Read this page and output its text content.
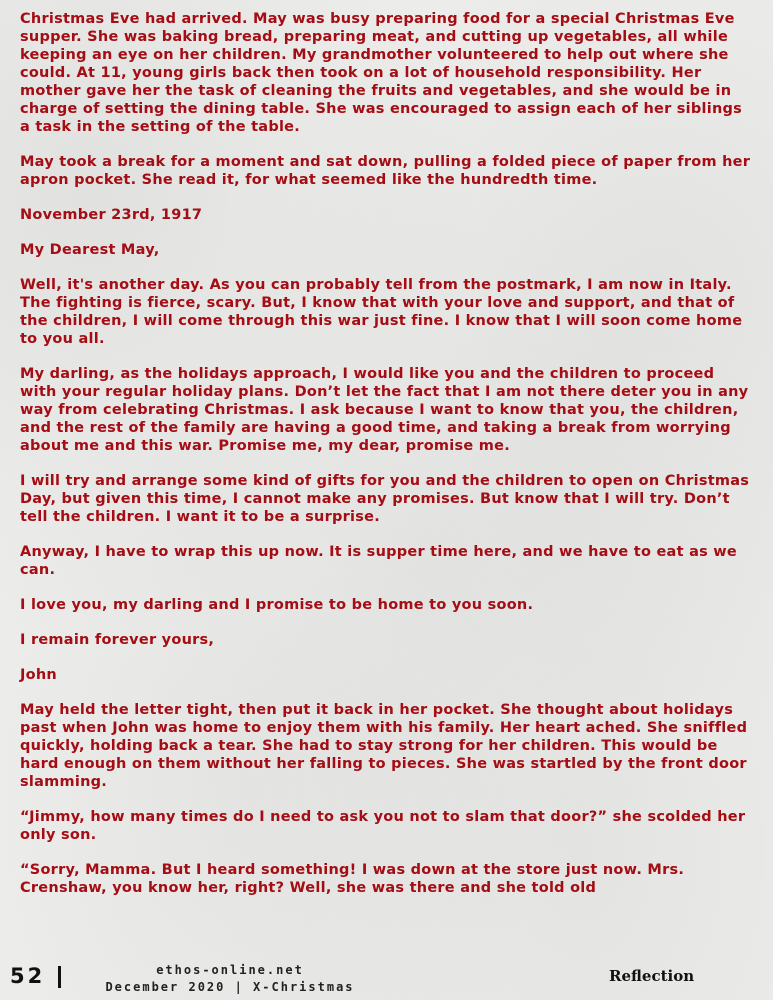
Christmas Eve had arrived. May was busy preparing food for a special Christmas Eve supper. She was baking bread, preparing meat, and cutting up vegetables, all while keeping an eye on her children. My grandmother volunteered to help out where she could. At 11, young girls back then took on a lot of household responsibility. Her mother gave her the task of cleaning the fruits and vegetables, and she would be in charge of setting the dining table. She was encouraged to assign each of her siblings a task in the setting of the table.

May took a break for a moment and sat down, pulling a folded piece of paper from her apron pocket. She read it, for what seemed like the hundredth time.

November 23rd, 1917

My Dearest May,

Well, it's another day. As you can probably tell from the postmark, I am now in Italy. The fighting is fierce, scary. But, I know that with your love and support, and that of the children, I will come through this war just fine. I know that I will soon come home to you all.

My darling, as the holidays approach, I would like you and the children to proceed with your regular holiday plans. Don’t let the fact that I am not there deter you in any way from celebrating Christmas. I ask because I want to know that you, the children, and the rest of the family are having a good time, and taking a break from worrying about me and this war. Promise me, my dear, promise me.

I will try and arrange some kind of gifts for you and the children to open on Christmas Day, but given this time, I cannot make any promises. But know that I will try. Don’t tell the children. I want it to be a surprise.

Anyway, I have to wrap this up now. It is supper time here, and we have to eat as we can.

I love you, my darling and I promise to be home to you soon.

I remain forever yours,

John

May held the letter tight, then put it back in her pocket. She thought about holidays past when John was home to enjoy them with his family. Her heart ached. She sniffled quickly, holding back a tear. She had to stay strong for her children. This would be hard enough on them without her falling to pieces. She was startled by the front door slamming.

“Jimmy, how many times do I need to ask you not to slam that door?” she scolded her only son.

“Sorry, Mamma. But I heard something! I was down at the store just now. Mrs. Crenshaw, you know her, right? Well, she was there and she told old

52	ethos-online.net
December 2020 | X-Christmas
Reflection
